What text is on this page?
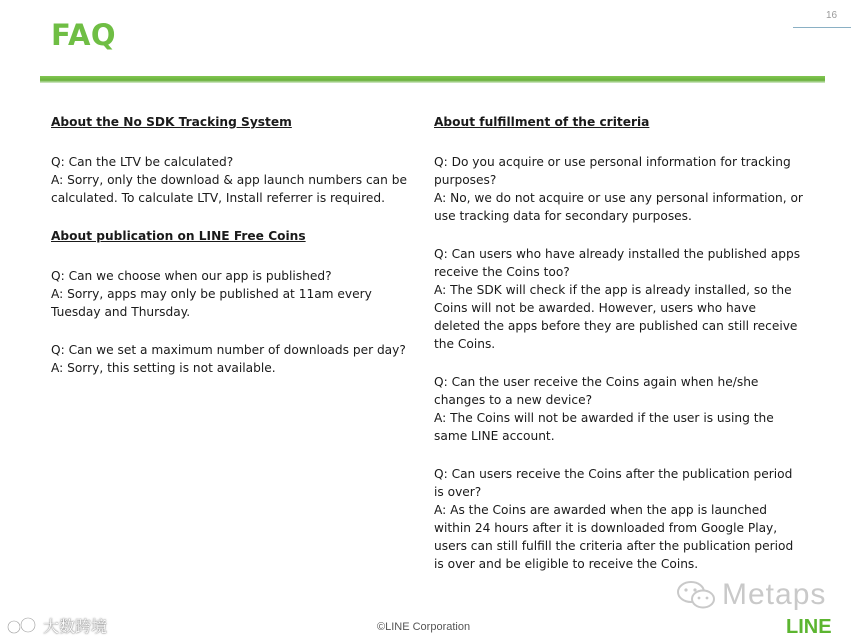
16
FAQ
About the No SDK Tracking System

Q: Can the LTV be calculated?

A: Sorry, only the download & app launch numbers can be calculated. To calculate LTV, Install referrer is required.

About publication on LINE Free Coins

Q: Can we choose when our app is published?

A: Sorry, apps may only be published at 11am every Tuesday and Thursday.

Q: Can we set a maximum number of downloads per day?

A: Sorry, this setting is not available.

About fulfillment of the criteria

Q: Do you acquire or use personal information for tracking purposes?

A: No, we do not acquire or use any personal information, or use tracking data for secondary purposes.

Q: Can users who have already installed the published apps receive the Coins too?

A: The SDK will check if the app is already installed, so the Coins will not be awarded. However, users who have deleted the apps before they are published can still receive the Coins.

Q: Can the user receive the Coins again when he/she changes to a new device?

A: The Coins will not be awarded if the user is using the same LINE account.

Q: Can users receive the Coins after the publication period is over?

A: As the Coins are awarded when the app is launched within 24 hours after it is downloaded from Google Play, users can still fulfill the criteria after the publication period is over and be eligible to receive the Coins.

大数跨境	©LINE Corporation
Metaps
LINE
